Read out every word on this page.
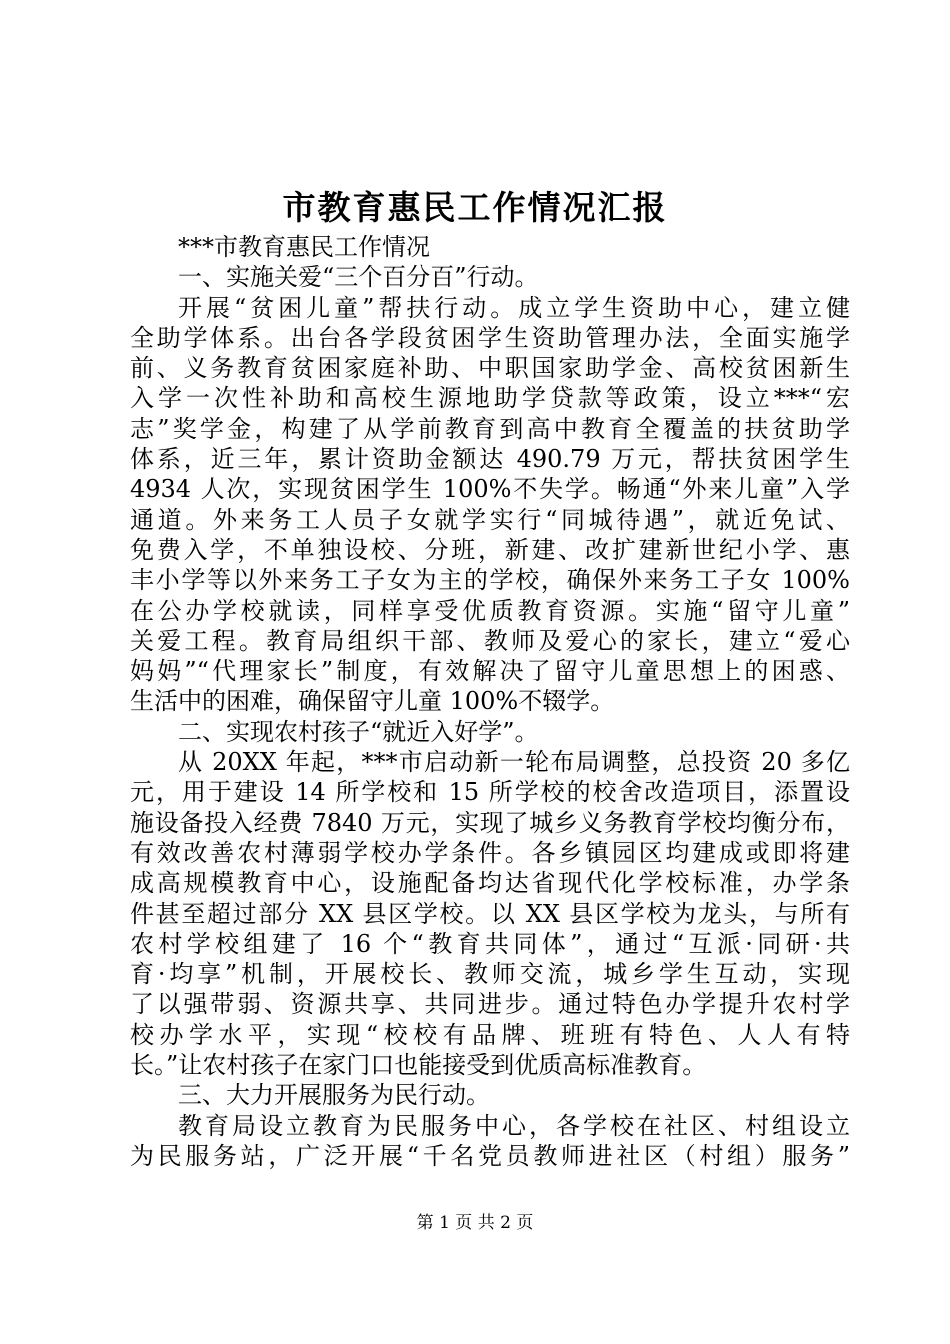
市教育惠民工作情况汇报
***市教育惠民工作情况
一、实施关爱“三个百分百”行动。
开展“贫困儿童”帮扶行动。成立学生资助中心，建立健
全助学体系。出台各学段贫困学生资助管理办法，全面实施学
前、义务教育贫困家庭补助、中职国家助学金、高校贫困新生
入学一次性补助和高校生源地助学贷款等政策，设立***“宏
志”奖学金，构建了从学前教育到高中教育全覆盖的扶贫助学
体系，近三年，累计资助金额达 490.79 万元，帮扶贫困学生
4934 人次，实现贫困学生 100%不失学。畅通“外来儿童”入学
通道。外来务工人员子女就学实行“同城待遇”，就近免试、
免费入学，不单独设校、分班，新建、改扩建新世纪小学、惠
丰小学等以外来务工子女为主的学校，确保外来务工子女 100%
在公办学校就读，同样享受优质教育资源。实施“留守儿童”
关爱工程。教育局组织干部、教师及爱心的家长，建立“爱心
妈妈”“代理家长”制度，有效解决了留守儿童思想上的困惑、
生活中的困难，确保留守儿童 100%不辍学。
二、实现农村孩子“就近入好学”。
从 20XX 年起，***市启动新一轮布局调整，总投资 20 多亿
元，用于建设 14 所学校和 15 所学校的校舍改造项目，添置设
施设备投入经费 7840 万元，实现了城乡义务教育学校均衡分布，
有效改善农村薄弱学校办学条件。各乡镇园区均建成或即将建
成高规模教育中心，设施配备均达省现代化学校标准，办学条
件甚至超过部分 XX 县区学校。以 XX 县区学校为龙头，与所有
农村学校组建了 16 个“教育共同体”，通过“互派·同研·共
育·均享”机制，开展校长、教师交流，城乡学生互动，实现
了以强带弱、资源共享、共同进步。通过特色办学提升农村学
校办学水平，实现“校校有品牌、班班有特色、人人有特
长。”让农村孩子在家门口也能接受到优质高标准教育。
三、大力开展服务为民行动。
教育局设立教育为民服务中心，各学校在社区、村组设立
为民服务站，广泛开展“千名党员教师进社区（村组）服务”
第 1 页 共 2 页
